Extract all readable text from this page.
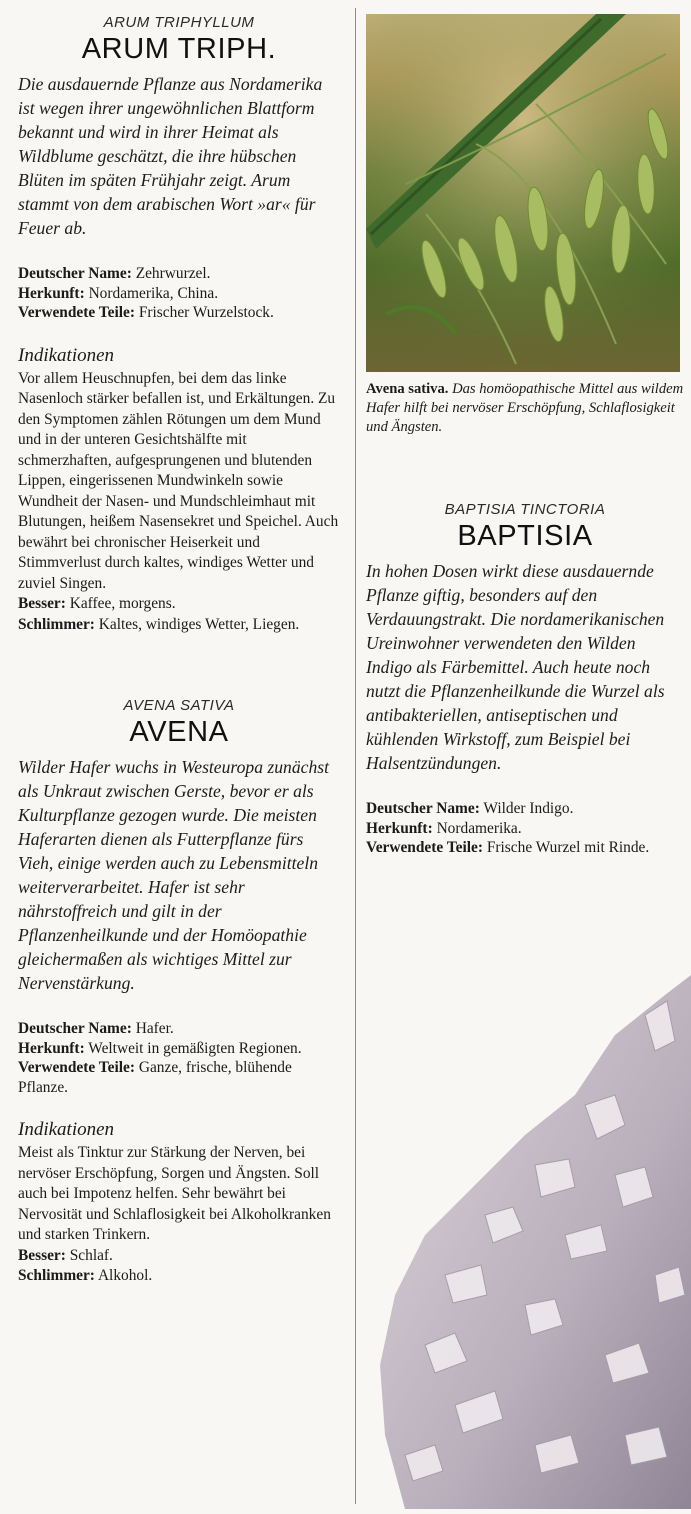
ARUM TRIPHYLLUM
ARUM TRIPH.

Die ausdauernde Pflanze aus Nordamerika ist wegen ihrer ungewöhnlichen Blattform bekannt und wird in ihrer Heimat als Wildblume geschätzt, die ihre hübschen Blüten im späten Frühjahr zeigt. Arum stammt von dem arabischen Wort »ar« für Feuer ab.

Deutscher Name: Zehrwurzel.
Herkunft: Nordamerika, China.
Verwendete Teile: Frischer Wurzelstock.
Indikationen

Vor allem Heuschnupfen, bei dem das linke Nasenloch stärker befallen ist, und Erkältungen. Zu den Symptomen zählen Rötungen um dem Mund und in der unteren Gesichtshälfte mit schmerzhaften, aufgesprungenen und blutenden Lippen, eingerissenen Mundwinkeln sowie Wundheit der Nasen- und Mundschleimhaut mit Blutungen, heißem Nasensekret und Speichel. Auch bewährt bei chronischer Heiserkeit und Stimmverlust durch kaltes, windiges Wetter und zuviel Singen.

Besser: Kaffee, morgens.
Schlimmer: Kaltes, windiges Wetter, Liegen.
AVENA SATIVA
AVENA

Wilder Hafer wuchs in Westeuropa zunächst als Unkraut zwischen Gerste, bevor er als Kulturpflanze gezogen wurde. Die meisten Haferarten dienen als Futterpflanze fürs Vieh, einige werden auch zu Lebensmitteln weiterverarbeitet. Hafer ist sehr nährstoffreich und gilt in der Pflanzenheilkunde und der Homöopathie gleichermaßen als wichtiges Mittel zur Nervenstärkung.

Deutscher Name: Hafer.
Herkunft: Weltweit in gemäßigten Regionen.
Verwendete Teile: Ganze, frische, blühende Pflanze.
Indikationen

Meist als Tinktur zur Stärkung der Nerven, bei nervöser Erschöpfung, Sorgen und Ängsten. Soll auch bei Impotenz helfen. Sehr bewährt bei Nervosität und Schlaflosigkeit bei Alkoholkranken und starken Trinkern.

Besser: Schlaf.
Schlimmer: Alkohol.
Avena sativa. Das homöopathische Mittel aus wildem Hafer hilft bei nervöser Erschöpfung, Schlaflosigkeit und Ängsten.
BAPTISIA TINCTORIA
BAPTISIA

In hohen Dosen wirkt diese ausdauernde Pflanze giftig, besonders auf den Verdauungstrakt. Die nordamerikanischen Ureinwohner verwendeten den Wilden Indigo als Färbemittel. Auch heute noch nutzt die Pflanzenheilkunde die Wurzel als antibakteriellen, antiseptischen und kühlenden Wirkstoff, zum Beispiel bei Halsentzündungen.

Deutscher Name: Wilder Indigo.
Herkunft: Nordamerika.
Verwendete Teile: Frische Wurzel mit Rinde.
